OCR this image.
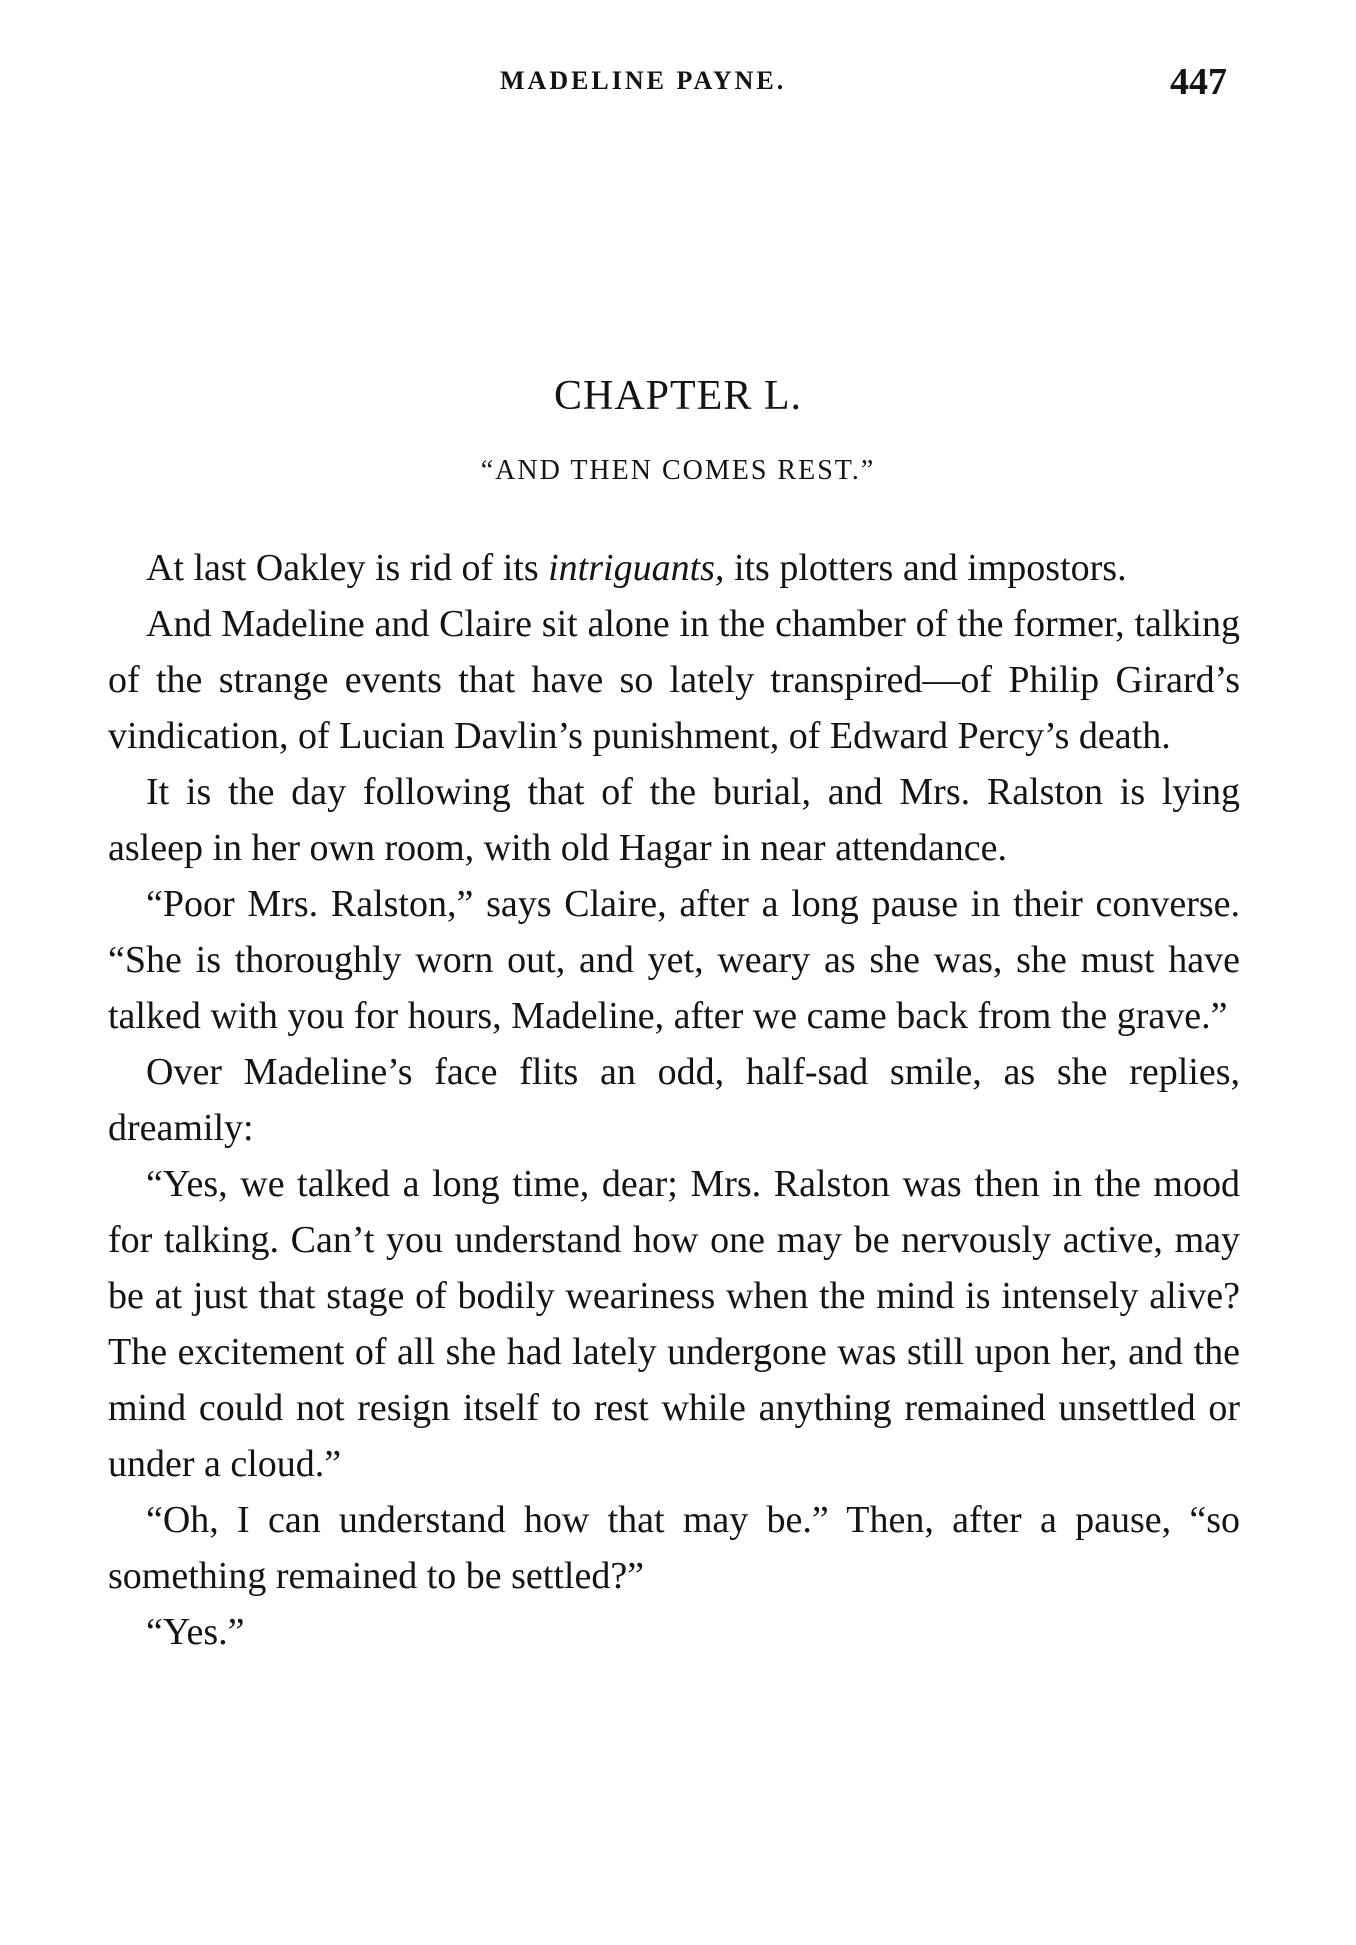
MADELINE PAYNE.	447
CHAPTER L.
“AND THEN COMES REST.”

At last Oakley is rid of its intriguants, its plotters and impostors.

And Madeline and Claire sit alone in the chamber of the former, talking of the strange events that have so lately transpired—of Philip Girard’s vindication, of Lucian Davlin’s punishment, of Edward Percy’s death.

It is the day following that of the burial, and Mrs. Ralston is lying asleep in her own room, with old Hagar in near attendance.

“Poor Mrs. Ralston,” says Claire, after a long pause in their converse. “She is thoroughly worn out, and yet, weary as she was, she must have talked with you for hours, Madeline, after we came back from the grave.”

Over Madeline’s face flits an odd, half-sad smile, as she replies, dreamily:

“Yes, we talked a long time, dear; Mrs. Ralston was then in the mood for talking. Can’t you understand how one may be nervously active, may be at just that stage of bodily weariness when the mind is intensely alive? The excitement of all she had lately undergone was still upon her, and the mind could not resign itself to rest while anything remained unsettled or under a cloud.”

“Oh, I can understand how that may be.” Then, after a pause, “so something remained to be settled?”

“Yes.”
